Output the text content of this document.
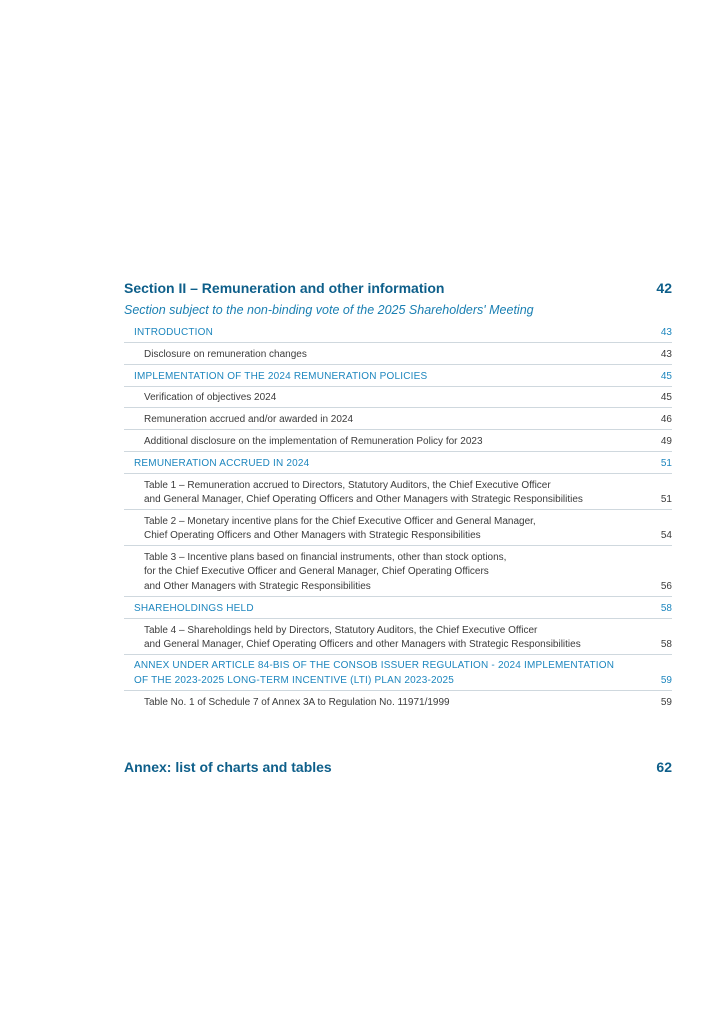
Section II – Remuneration and other information	42
Section subject to the non-binding vote of the 2025 Shareholders' Meeting
INTRODUCTION	43
Disclosure on remuneration changes	43
IMPLEMENTATION OF THE 2024 REMUNERATION POLICIES	45
Verification of objectives 2024	45
Remuneration accrued and/or awarded in 2024	46
Additional disclosure on the implementation of Remuneration Policy for 2023	49
REMUNERATION ACCRUED IN 2024	51
Table 1 – Remuneration accrued to Directors, Statutory Auditors, the Chief Executive Officer
and General Manager, Chief Operating Officers and Other Managers with Strategic Responsibilities	51
Table 2 – Monetary incentive plans for the Chief Executive Officer and General Manager,
Chief Operating Officers and Other Managers with Strategic Responsibilities	54
Table 3 – Incentive plans based on financial instruments, other than stock options,
for the Chief Executive Officer and General Manager, Chief Operating Officers
and Other Managers with Strategic Responsibilities	56
SHAREHOLDINGS HELD	58
Table 4 – Shareholdings held by Directors, Statutory Auditors, the Chief Executive Officer
and General Manager, Chief Operating Officers and other Managers with Strategic Responsibilities	58
ANNEX UNDER ARTICLE 84-BIS OF THE CONSOB ISSUER REGULATION - 2024 IMPLEMENTATION
OF THE 2023-2025 LONG-TERM INCENTIVE (LTI) PLAN 2023-2025	59
Table No. 1 of Schedule 7 of Annex 3A to Regulation No. 11971/1999	59
Annex: list of charts and tables	62
